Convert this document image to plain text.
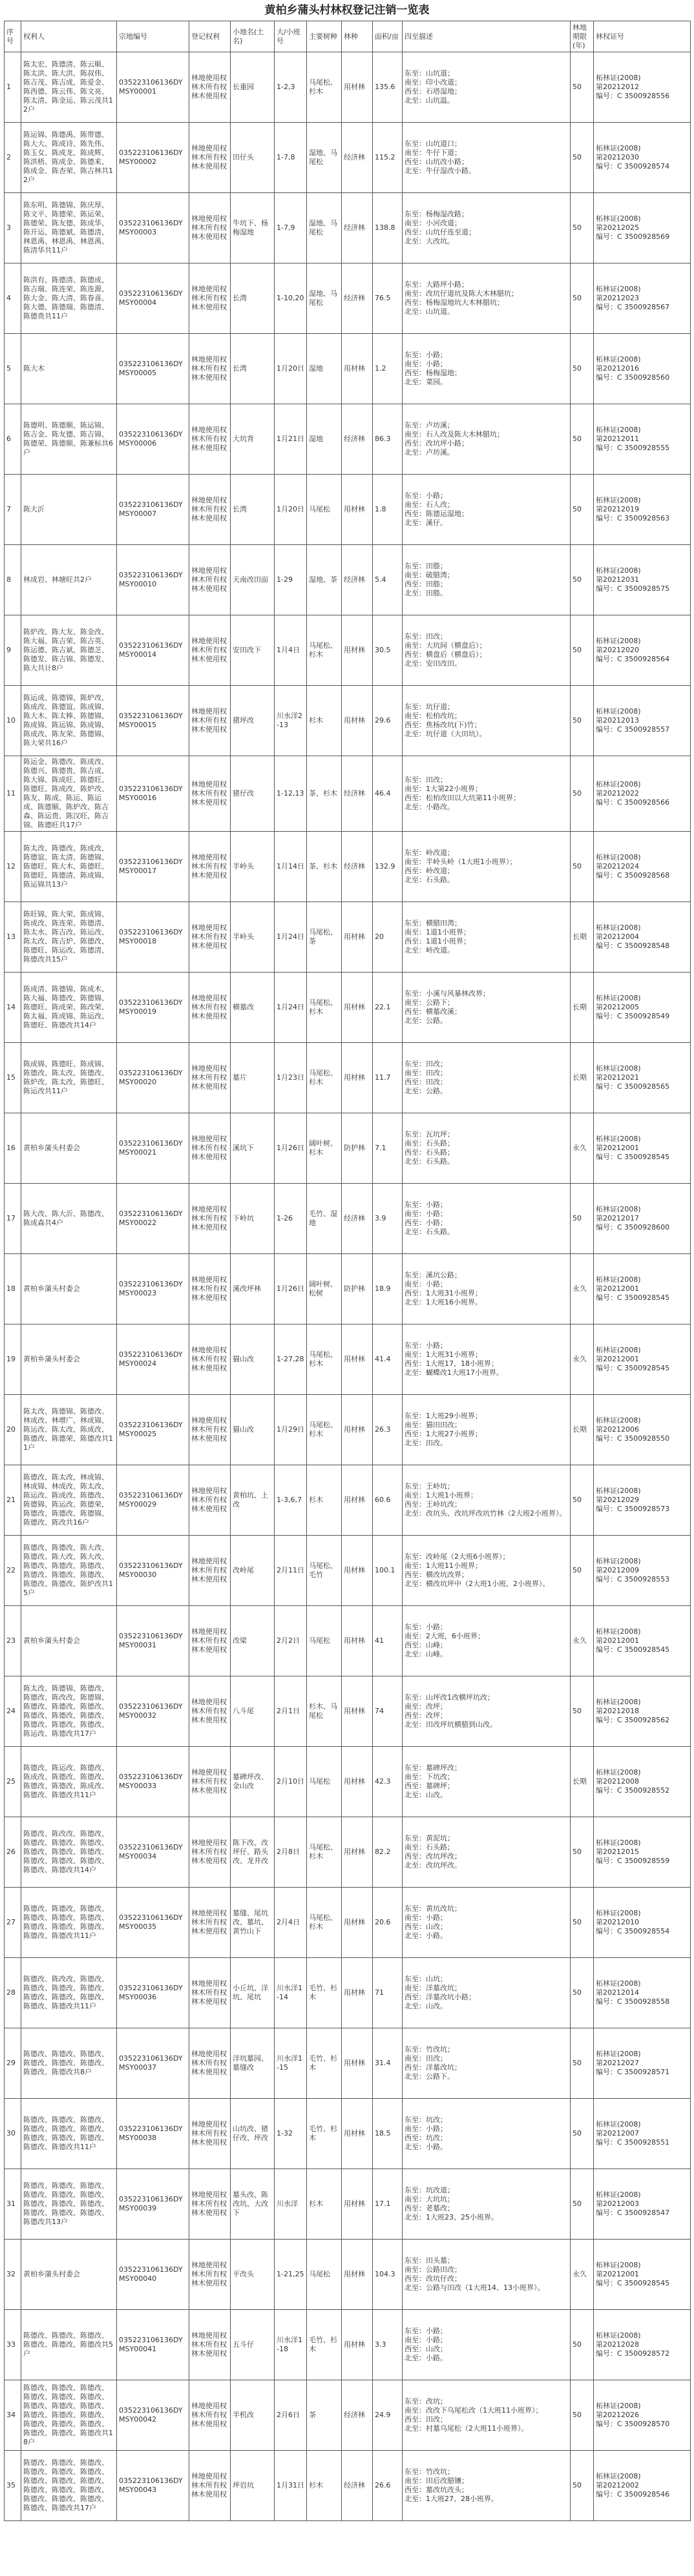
黄柏乡蒲头村林权登记注销一览表
序号	权利人	宗地编号	登记权利	小地名(土名)	大/小班号	主要树种	林种	面积/亩	四至描述	林地期限(年)	林权证号
1	陈太宏、陈德清、陈云顺、陈太洪、陈大洪、陈叔伟、陈吉茂、陈吉成、陈爱金、陈西德、陈云伟、陈文亮、陈太清、陈金运、陈云茂共12户	035223106136DYMSY00001	林地使用权
林木所有权
林木使用权	长重园	1-2,3	马尾松、杉木	用材林	135.6	东至：山坑道；
南至：印小改道；
西至：石塔湿地；
北至：山坑温。	50	柘林证(2008)
第20212012
编号：C 3500928556

2	陈运锦、陈德禹、陈带德、陈大大、陈成诗、陈先伟、陈玉女、陈成龙、陈成辉、陈洪梧、陈成金、陈德来、陈成金、陈杏荣、陈吉林共12户	035223106136DYMSY00002	林地使用权
林木所有权
林木使用权	田仔头	1-7,8	湿地、马尾松	经济林	115.2	东至：山坑道口；
南至：牛仔下道；
西至：山坑改小路；
北至：牛仔湿改小路。	50	柘林证(2008)
第20212030
编号：C 3500928574

3	陈东明、陈德锦、陈庆厚、陈文平、陈德荣、陈运荣、陈德荣、陈友德、陈成华、陈开运、陈德斌、陈德清、林恩禹、林恩禹、林恩禹、陈清华共11户	035223106136DYMSY00003	林地使用权
林木所有权
林木使用权	牛坑下、杨梅湿地	1-7,9	湿地、马尾松	经济林	138.8	东至：杨梅湿改路；
南至：小河改道；
西至：山坑仔连至道；
北至：大改坑。	50	柘林证(2008)
第20212025
编号：C 3500928569

4	陈洪有、陈德清、陈德成、陈吉瑞、陈连荣、陈连源、陈大金、陈大清、陈春喜、陈大德、陈德瑞、陈德清、陈德贵共11户	035223106136DYMSY00004	林地使用权
林木所有权
林木使用权	长湾	1-10,20	湿地、马尾松	经济林	76.5	东至：大路坪小路；
南至：改坑仔道坑及陈大木林腊坑；
西至：杨梅湿地坑大木林腊坑；
北至：山坑道。	50	柘林证(2008)
第20212023
编号：C 3500928567

5	陈大木	035223106136DYMSY00005	林地使用权
林木所有权
林木使用权	长湾	1月20日	湿地	用材林	1.2	东至：小路；
南至：小路；
西至：杨梅湿地；
北至：菜园。	50	柘林证(2008)
第20212016
编号：C 3500928560

6	陈德明、陈德顺、陈运锦、陈吉金、陈友德、陈吉锦、陈德荣、陈德顺、陈兼标共6户	035223106136DYMSY00006	林地使用权
林木所有权
林木使用权	大坑背	1月21日	湿地	经济林	86.3	东至：卢坊溪；
南至：石人改及陈大木林腊坑；
西至：改坑坪小路；
北至：卢坊溪。	50	柘林证(2008)
第20212011
编号：C 3500928555

7	陈大沂	035223106136DYMSY00007	林地使用权
林木所有权
林木使用权	长湾	1月20日	马尾松	用材林	1.8	东至：小路；
南至：石人改；
西至：陈德运湿地；
北至：溪仔。	50	柘林证(2008)
第20212019
编号：C 3500928563

8	林成岩、林塘旺共2户	035223106136DYMSY00010	林地使用权
林木所有权
林木使用权	天南改田面	1-29	湿地、茶	经济林	5.4	东至：田塍；
南至：破腊湾；
西至：田塍；
北至：田塍。	50	柘林证(2008)
第20212031
编号：C 3500928575

9	陈炉改、陈大友、陈金改、陈大福、陈吉荣、陈吉英、陈运德、陈吉斌、陈德芝、陈德发、陈吉锦、陈德发、陈大共计8户	035223106136DYMSY00014	林地使用权
林木所有权
林木使用权	安田改下	1月4日	马尾松、杉木	用材林	30.5	东至：田改；
南至：大坑间（横盘后）；
西至：横盘后（横盘后）；
北至：安田改田。	50	柘林证(2008)
第20212020
编号：C 3500928564

10	陈运成、陈德锦、陈炉改、陈成改、陈德谊、陈成锦、陈大木、陈太棒、陈德锦、陈成锦、陈运锦、陈成锦、陈成改、陈友荣、陈德锦、陈大荣共16户	035223106136DYMSY00015	林地使用权
林木所有权
林木使用权	猪坪改	川水洋2-13	杉木	用材林	29.6	东至：坑仔道；
南至：松柏改坑；
西至：焦杨改坑(下)竹；
北至：坑仔道（大田坑）。	50	柘林证(2008)
第20212013
编号：C 3500928557

11	陈运金、陈德改、陈成改、陈德兴、陈德贵、陈吉成、陈大锦、陈成旺、陈德旺、陈德旺、陈成改、陈炉改、陈友、陈成、陈运、陈运成、陈德顺、陈炉改、陈吉森、陈运贵、陈汉旺、陈吉锦、陈德旺共17户	035223106136DYMSY00016	林地使用权
林木所有权
林木使用权	猪仔改	1-12,13	茶、杉木	经济林	46.4	东至：田改；
南至：1大第22小班界；
西至：松柏改田以大坑第11小班界；
北至：小路改。	50	柘林证(2008)
第20212022
编号：C 3500928566

12	陈太改、陈德改、陈成改、陈德谊、陈太清、陈德锦、陈德旺、陈大木、陈德旺、陈德旺、陈德清、陈成锦、陈运锦共13户	035223106136DYMSY00017	林地使用权
林木所有权
林木使用权	半岭头	1月14日	茶、杉木	经济林	132.9	东至：岭改道；
南至：半岭头岭（1大班1小班界）；
西至：岭改道；
北至：石头路。	50	柘林证(2008)
第20212024
编号：C 3500928568

13	陈旺锦、陈大荣、陈成锦、陈成改、陈连荣、陈德清、陈太水、陈吉改、陈运改、陈太改、陈吉炉、陈德改、陈德旺、陈运改、陈德清、陈德改共15户	035223106136DYMSY00018	林地使用权
林木所有权
林木使用权	半岭头	1月24日	马尾松、茶	用材林	20	东至：横腊田湾；
南至：1道1小班界；
西至：1道1小班界；
北至：岭改道。	长期	柘林证(2008)
第20212004
编号：C 3500928548

14	陈成清、陈德锦、陈成木、陈大福、陈德改、陈德锦、陈德旺、陈成荣、陈改荣、陈太福、陈成锦、陈运改、陈德旺、陈德改共14户	035223106136DYMSY00019	林地使用权
林木所有权
林木使用权	横墓改	1月24日	马尾松、杉木	用材林	22.1	东至：小溪与风暴林改界；
南至：公路下；
西至：横墓改溪；
北至：公路。	长期	柘林证(2008)
第20212005
编号：C 3500928549

15	陈成锦、陈德旺、陈成锦、陈德改、陈太改、陈德改、陈炉改、陈太改、陈德旺、陈运改共11户	035223106136DYMSY00020	林地使用权
林木所有权
林木使用权	墓片	1月23日	马尾松、杉木	用材林	11.7	东至：田改；
南至：田改；
西至：田改；
北至：公路。	长期	柘林证(2008)
第20212021
编号：C 3500928565

16	黄柏乡蒲头村委会	035223106136DYMSY00021	林地使用权
林木所有权
林木使用权	溪坑下	1月26日	阔叶树、杉木	防护林	7.1	东至：瓦坑坪；
南至：石头路；
西至：石头路；
北至：石头路。	永久	柘林证(2008)
第20212001
编号：C 3500928545

17	陈大改、陈大沂、陈德改、陈成森共4户	035223106136DYMSY00022	林地使用权
林木所有权
林木使用权	下岭坑	1-26	毛竹、湿地	经济林	3.9	东至：小路；
南至：小路；
西至：小路；
北至：石头路。	50	柘林证(2008)
第20212017
编号：C 3500928600

18	黄柏乡蒲头村委会	035223106136DYMSY00023	林地使用权
林木所有权
林木使用权	溪改坪林	1月26日	阔叶树、松树	防护林	18.9	东至：溪坑公路；
南至：小路；
西至：1大班31小班界；
北至：1大班16小班界。	永久	柘林证(2008)
第20212001
编号：C 3500928545

19	黄柏乡蒲头村委会	035223106136DYMSY00024	林地使用权
林木所有权
林木使用权	猫山改	1-27,28	马尾松、杉木	用材林	41.4	东至：小路；
南至：1大班31小班界；
西至：1大班17、18小班界；
北至：蝴蝶改1大班17小班界。	永久	柘林证(2008)
第20212001
编号：C 3500928545

20	陈太改、陈德锦、陈德改、林成改、林增广、林成锦、陈运改、陈太改、陈成改、陈德改、陈德荣、陈德改共11户	035223106136DYMSY00025	林地使用权
林木所有权
林木使用权	猫山改	1月29日	马尾松、杉木	用材林	26.3	东至：1大班29小班界；
南至：猫田田改；
西至：1大班27小班界；
北至：田改。	长期	柘林证(2008)
第20212006
编号：C 3500928550

21	陈德改、陈太改、林成锦、林成锦、林成改、陈太改、陈运改、陈成改、陈德改、陈德锦、陈运改、陈德荣、陈德改、陈德改、陈德锦、陈德改、陈改共16户	035223106136DYMSY00029	林地使用权
林木所有权
林木使用权	黄柏坑、上改	1-3,6,7	杉木	用材林	60.6	东至：王岭坑；
南至：1大班1小班界；
西至：王岭坑改；
北至：改坑头、改坑坪改坑竹林（2大班2小班界）。	50	柘林证(2008)
第20212029
编号：C 3500928573

22	陈德改、陈德改、陈大改、陈德改、陈大改、陈大改、陈德改、陈德改、陈德改、陈德改、陈德改、陈德改、陈德改、陈德改、陈炉改共15户	035223106136DYMSY00030	林地使用权
林木所有权
林木使用权	改岭尾	2月11日	马尾松、毛竹	用材林	100.1	东至：改岭尾（2大班6小班界）；
南至：1大班11小班界；
西至：横改坑改界；
北至：横改坑坪中（2大班1小班、2小班界）。	50	柘林证(2008)
第20212009
编号：C 3500928553

23	黄柏乡蒲头村委会	035223106136DYMSY00031	林地使用权
林木所有权
林木使用权	改梁	2月2日	马尾松	用材林	41	东至：小路；
南至：2大班，6小班界；
西至：山峰；
北至：山峰。	永久	柘林证(2008)
第20212001
编号：C 3500928545

24	陈太改、陈德锦、陈德改、陈德改、陈改改、陈德锦、陈德改、陈德改、陈德改、陈德改、陈德改、陈德改、陈德改、陈德改、陈德改、陈运改、陈德改共17户	035223106136DYMSY00032	林地使用权
林木所有权
林木使用权	八斗尾	2月1日	杉木、马尾松	用材林	74	东至：山坪改1改横坪坑改；
南至：改坪；
西至：改坪；
北至：田改坪坑横腊到山改。	50	柘林证(2008)
第20212018
编号：C 3500928562

25	陈德改、陈运改、陈德改、陈成改、陈德改、陈德改、陈德改、陈德改、陈成改、陈德改、陈德改共11户	035223106136DYMSY00033	林地使用权
林木所有权
林木使用权	墓碑坪改、金山改	2月10日	马尾松	用材林	42.3	东至：墓碑坪改；
南至：下坑改；
西至：墓碑坪；
北至：山改。	长期	柘林证(2008)
第20212008
编号：C 3500928552

26	陈德改、陈改改、陈德改、陈德改、陈德改、陈德改、陈德改、陈德改、陈德改、陈德改、陈德改、陈德改、陈德改、陈德改共14户	035223106136DYMSY00034	林地使用权
林木所有权
林木使用权	陈下改、改坪仔、路头改、龙井改	2月8日	马尾松、杉木	用材林	82.2	东至：黄泥坑；
南至：石头路；
西至：改坑坪改；
北至：改坑坪改。	50	柘林证(2008)
第20212015
编号：C 3500928559

27	陈德改、陈德改、陈德改、陈德改、陈德改、陈德改、陈德改、陈德改、陈德改、陈德改、陈德改共11户	035223106136DYMSY00035	林地使用权
林木所有权
林木使用权	墓缝、尾坑改、墓坑、黄竹山下	2月4日	马尾松、杉木	用材林	20.6	东至：黄坑改坑；
南至：小路；
西至：山改；
北至：小路。	50	柘林证(2008)
第20212010
编号：C 3500928554

28	陈德改、陈改改、陈德改、陈德改、陈德改、陈德改、陈德改、陈德改、陈德改、陈德改、陈德改共11户	035223106136DYMSY00036	林地使用权
林木所有权
林木使用权	小丘坑、洋坑、尾坑	川水洋1-14	毛竹、杉木	用材林	71	东至：山坑；
南至：洋墓改坑；
西至：洋墓改坑小路；
北至：山改。	50	柘林证(2008)
第20212014
编号：C 3500928558

29	陈德改、陈德改、陈德改、陈德改、陈德改、陈德改、陈德改、陈德改共8户	035223106136DYMSY00037	林地使用权
林木所有权
林木使用权	洋坑墓园、墓缝改	川水洋1-15	毛竹、杉木	用材林	31.4	东至：竹改坑；
南至：田改；
西至：洋墓改坑；
北至：公路下。	50	柘林证(2008)
第20212027
编号：C 3500928571

30	陈德改、陈德改、陈德改、陈德改、陈德改、陈德改、陈德改、陈德改、陈德改、陈德改、陈德改共11户	035223106136DYMSY00038	林地使用权
林木所有权
林木使用权	山坑改、猪仔改、坪改	1-32	毛竹、杉木	用材林	18.5	东至：坑改；
南至：小路；
西至：坑改；
北至：小路。	50	柘林证(2008)
第20212007
编号：C 3500928551

31	陈德改、陈德改、陈德改、陈德改、陈德改、陈德改、陈德改、陈德改、陈德改、陈德改、陈德改、陈德改、陈德改共13户	035223106136DYMSY00039	林地使用权
林木所有权
林木使用权	墓头改、陈改坑、大改下	川水洋	杉木	用材林	17.1	东至：坑改道；
南至：大坑坑；
西至：老墓改；
北至：1大班23、25小班界。	50	柘林证(2008)
第20212003
编号：C 3500928547

32	黄柏乡蒲头村委会	035223106136DYMSY00040	林地使用权
林木所有权
林木使用权	平改头	1-21,25	马尾松	用材林	104.3	东至：田头墓；
南至：公路田改；
西至：改坑仔改；
北至：公路与田改（1大班14、13小班界）。	永久	柘林证(2008)
第20212001
编号：C 3500928545

33	陈德改、陈德改、陈德改、陈德改、陈德改、陈德改共5户	035223106136DYMSY00041	林地使用权
林木所有权
林木使用权	五斗仔	川水洋1-18	毛竹、杉木	用材林	3.3	东至：小路；
南至：小路；
西至：山改；
北至：小路。	50	柘林证(2008)
第20212028
编号：C 3500928572

34	陈德改、陈德改、陈德改、陈德改、陈德改、陈德改、陈德改、陈德改、陈德改、陈德改、陈德改、陈德改、陈德改、陈德改、陈德改、陈德改、陈德改、陈德改共18户	035223106136DYMSY00042	林地使用权
林木所有权
林木使用权	半机改	2月6日	茶	经济林	24.9	东至：改坑；
南至：改改下乌尾松改（1大班11小班界）；
西至：田改；
北至：村墓乌尾松（2大班11小班界）。	50	柘林证(2008)
第20212026
编号：C 3500928570

35	陈德改、陈德改、陈德改、陈德改、陈德改、陈德改、陈德改、陈德改、陈德改、陈德改、陈德改、陈德改、陈德改、陈德改、陈德改、陈德改、陈德改共17户	035223106136DYMSY00043	林地使用权
林木所有权
林木使用权	坪岩坑	1月31日	杉木	经济林	26.6	东至：竹改坑；
南至：田后改腊镶；
西至：墓改坑改头；
北至：1大班27、28小班界。	50	柘林证(2008)
第20212002
编号：C 3500928546
